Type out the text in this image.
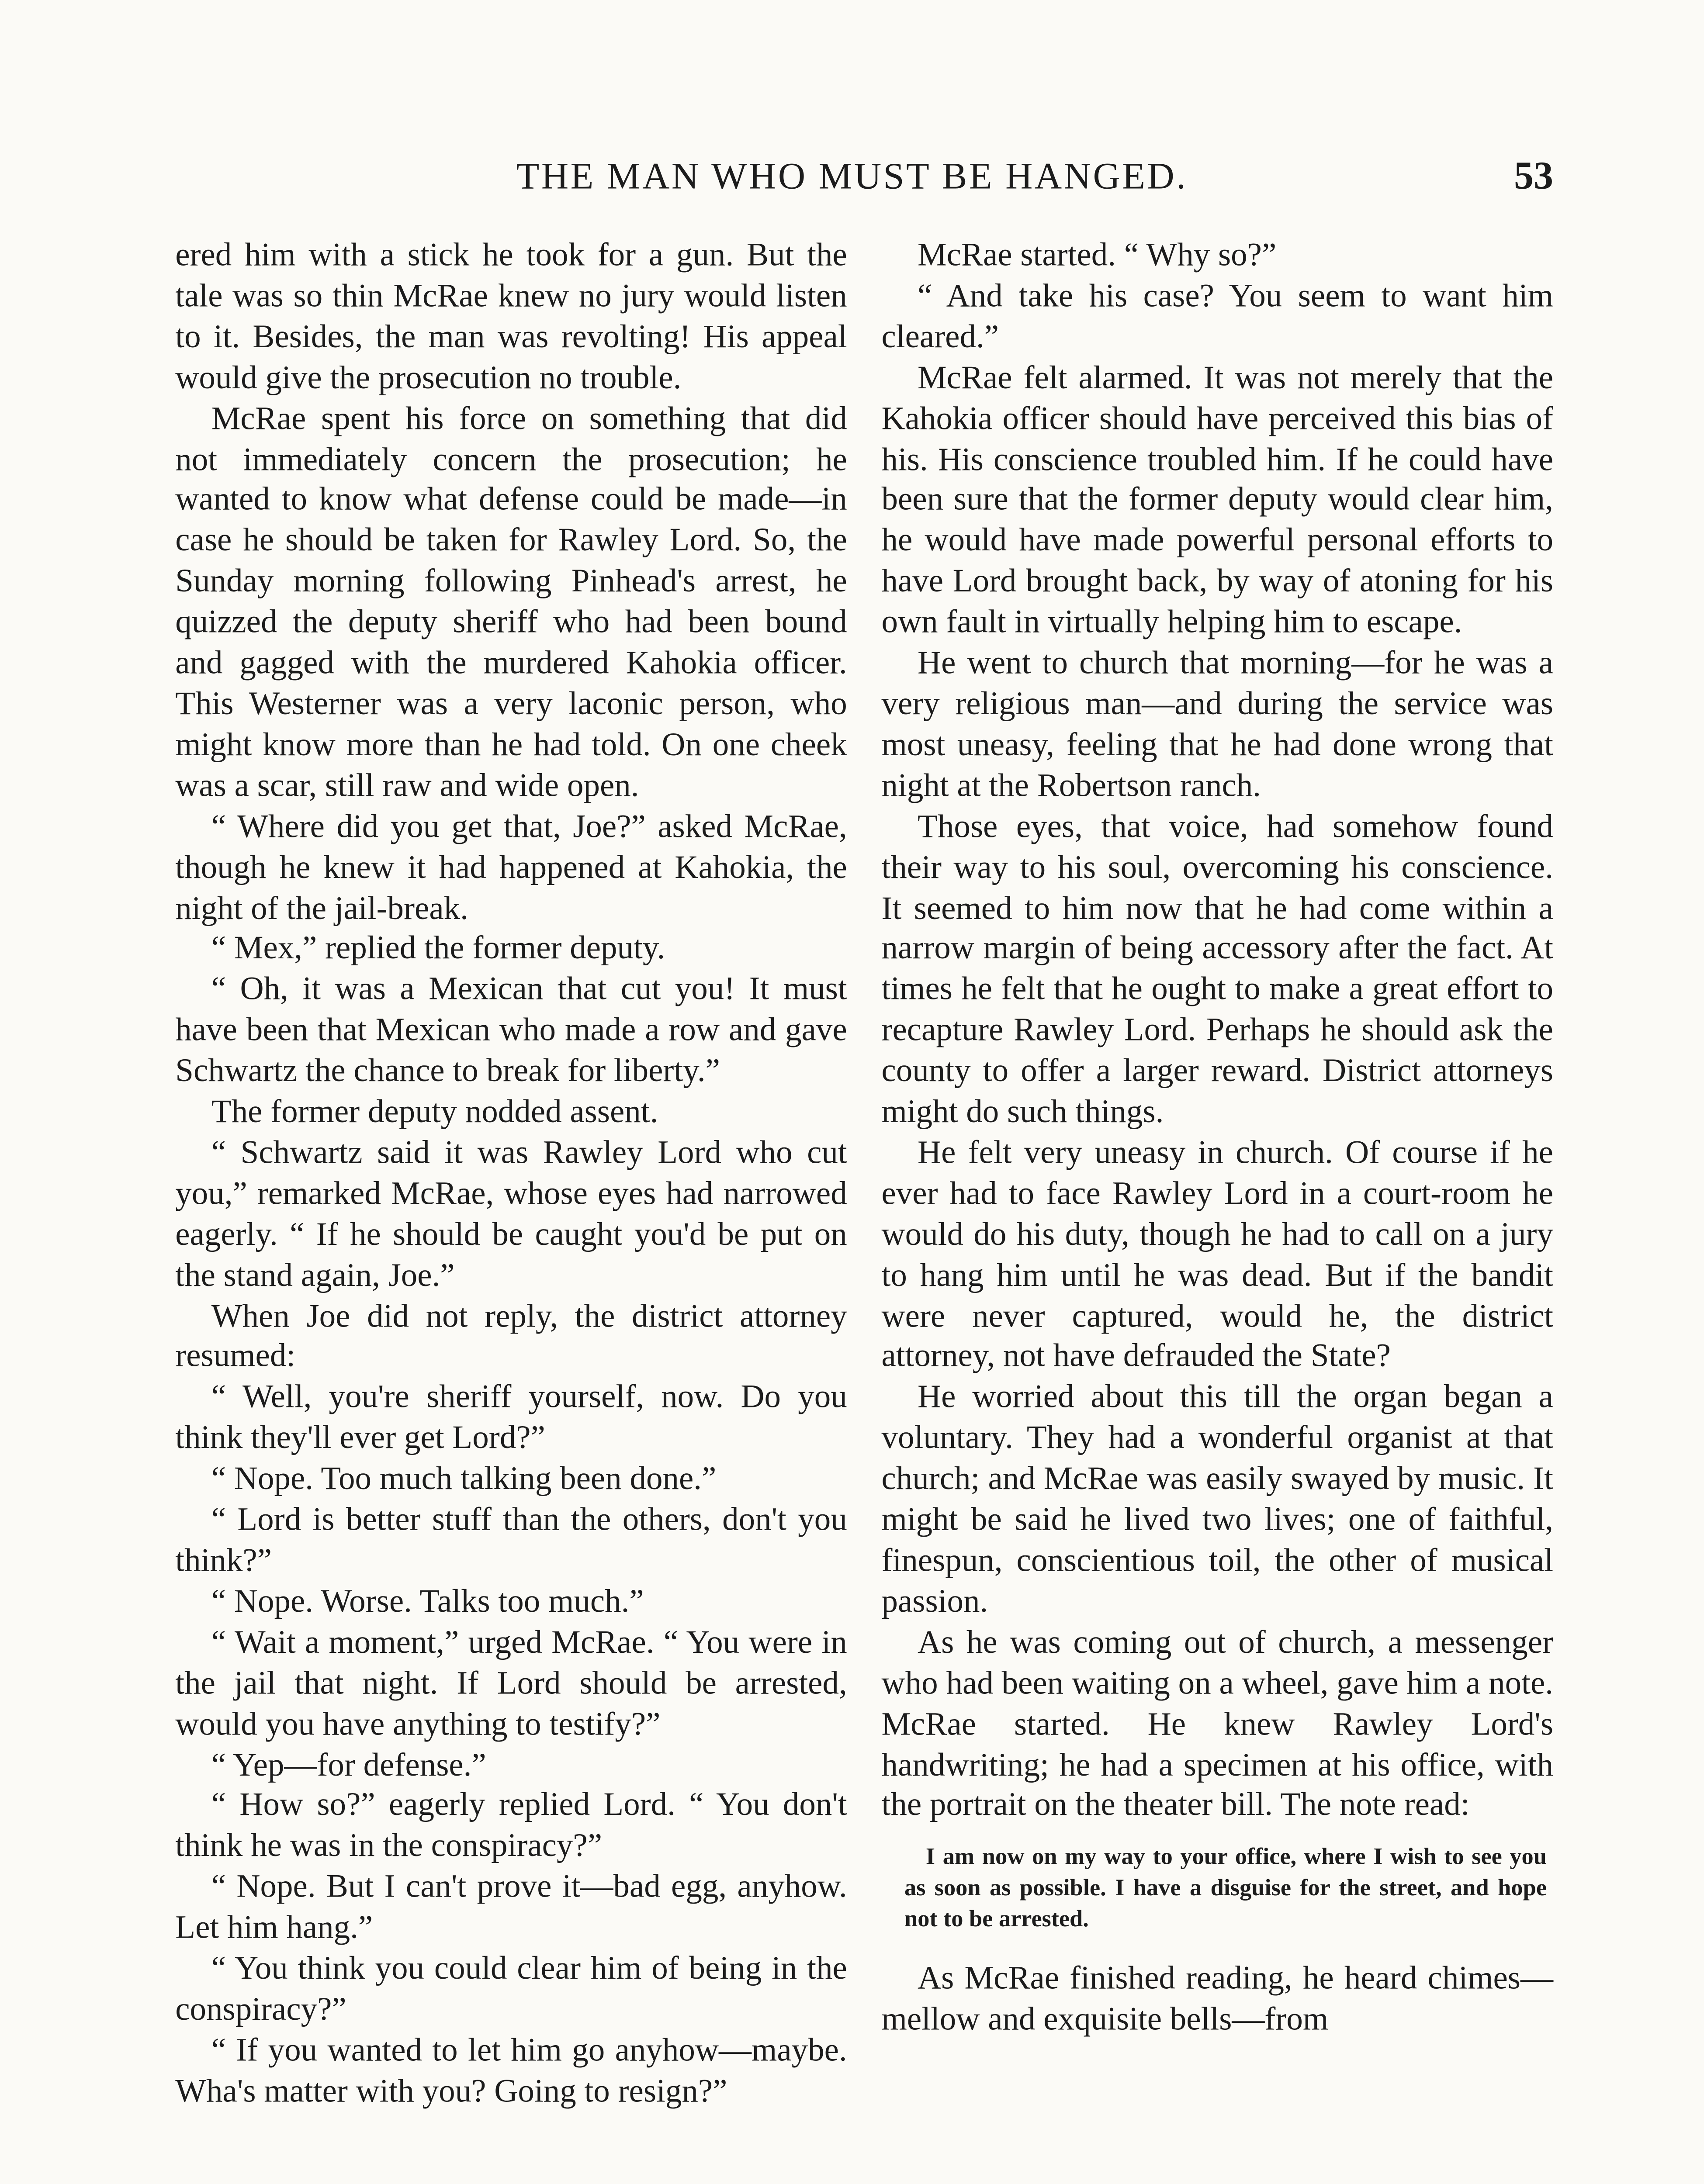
THE MAN WHO MUST BE HANGED.	53

ered him with a stick he took for a gun. But the tale was so thin McRae knew no jury would listen to it. Besides, the man was revolting! His appeal would give the prosecution no trouble.

McRae spent his force on something that did not immediately concern the prosecution; he wanted to know what defense could be made—in case he should be taken for Rawley Lord. So, the Sunday morning following Pinhead's arrest, he quizzed the deputy sheriff who had been bound and gagged with the murdered Kahokia officer. This Westerner was a very laconic person, who might know more than he had told. On one cheek was a scar, still raw and wide open.

“ Where did you get that, Joe?” asked McRae, though he knew it had happened at Kahokia, the night of the jail-break.

“ Mex,” replied the former deputy.

“ Oh, it was a Mexican that cut you! It must have been that Mexican who made a row and gave Schwartz the chance to break for liberty.”

The former deputy nodded assent.

“ Schwartz said it was Rawley Lord who cut you,” remarked McRae, whose eyes had narrowed eagerly. “ If he should be caught you'd be put on the stand again, Joe.”

When Joe did not reply, the district attorney resumed:

“ Well, you're sheriff yourself, now. Do you think they'll ever get Lord?”

“ Nope. Too much talking been done.”

“ Lord is better stuff than the others, don't you think?”

“ Nope. Worse. Talks too much.”

“ Wait a moment,” urged McRae. “ You were in the jail that night. If Lord should be arrested, would you have anything to testify?”

“ Yep—for defense.”

“ How so?” eagerly replied Lord. “ You don't think he was in the conspiracy?”

“ Nope. But I can't prove it—bad egg, anyhow. Let him hang.”

“ You think you could clear him of being in the conspiracy?”

“ If you wanted to let him go anyhow—maybe. Wha's matter with you? Going to resign?”

McRae started. “ Why so?”

“ And take his case? You seem to want him cleared.”

McRae felt alarmed. It was not merely that the Kahokia officer should have perceived this bias of his. His conscience troubled him. If he could have been sure that the former deputy would clear him, he would have made powerful personal efforts to have Lord brought back, by way of atoning for his own fault in virtually helping him to escape.

He went to church that morning—for he was a very religious man—and during the service was most uneasy, feeling that he had done wrong that night at the Robertson ranch.

Those eyes, that voice, had somehow found their way to his soul, overcoming his conscience. It seemed to him now that he had come within a narrow margin of being accessory after the fact. At times he felt that he ought to make a great effort to recapture Rawley Lord. Perhaps he should ask the county to offer a larger reward. District attorneys might do such things.

He felt very uneasy in church. Of course if he ever had to face Rawley Lord in a court-room he would do his duty, though he had to call on a jury to hang him until he was dead. But if the bandit were never captured, would he, the district attorney, not have defrauded the State?

He worried about this till the organ began a voluntary. They had a wonderful organist at that church; and McRae was easily swayed by music. It might be said he lived two lives; one of faithful, finespun, conscientious toil, the other of musical passion.

As he was coming out of church, a messenger who had been waiting on a wheel, gave him a note. McRae started. He knew Rawley Lord's handwriting; he had a specimen at his office, with the portrait on the theater bill. The note read:

I am now on my way to your office, where I wish to see you as soon as possible. I have a disguise for the street, and hope not to be arrested.

As McRae finished reading, he heard chimes—mellow and exquisite bells—from
